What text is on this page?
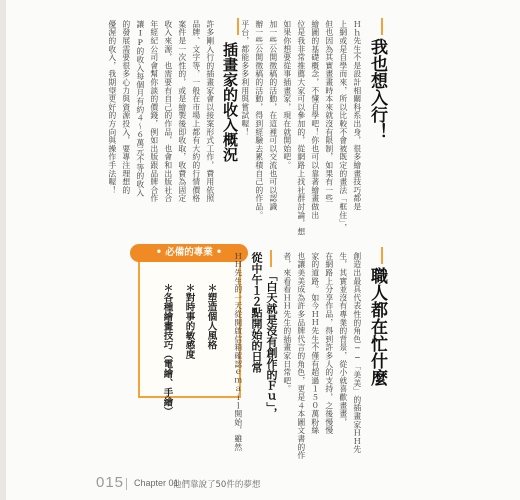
我也想入行！
Ｈｈ先生不是設計相關科系出身，很多繪畫技巧都是
上網或是自學而來，所以比較不會被既定的畫法「框住」，
但也因為其實畫畫時本來就沒有限制，如果有一些
繪圖的基礎概念，不懂自學吧！你也可以靠著繪畫做出
位是我非常推薦大家可以參加的，從網路上找社群討論，想
如果你想要從事插畫家，現在就開始吧。
加一些公開徵稿的活動，在這裡可以交流也可以認識
辦一些公開徵稿的活動，得到經驗去累積自己的作品。
平台，都能多多利用與嘗試喔！
插畫家的收入概況
許多剛入行的插畫家會以接案形式工作，費用依照
品牌、文字等，一般在市場上都有大約的行情價格
案件是一次性的，或是繪製後即收取，收費為固定
收入來源，也需要有自己的作品，也會和出版社合
年經紀公司會幫你談的價錢，例如出版跟品牌合作
讓IP的收入每個月有約４～６萬元不等的收入
的發展需要很多心力與資源投入，要專注理想的
優渥的收入，我期望更好的方向與操作手法喔！
＊塑造個人風格
＊對時事的敏感度
＊各種繪畫技巧（電繪、手繪）
• 必備的專業 •
職人都在忙什麼
創造出最具代表性的角色──「美美」的插畫家ＨＨ先
生，其實並沒有專業的背景，從小就喜歡畫畫，
在網路上分享作品，得到許多人的支持，之後慢慢
家的道路。如今ＨＨ先生不僅有超過１５０萬粉絲
也讓美美成為許多品牌代言的角色，更是４本圖文書的作
者，來看看ＨＨ先生的插畫家日常吧。
「白天就是沒有創作的Ｆｕ」，
從中午１２點開始的日常
ＨＨ先生的一天從開啟信箱確認ｅｍａｉｌ開始，雖然
015 Chapter 01
他們靠說了50件的夢想
